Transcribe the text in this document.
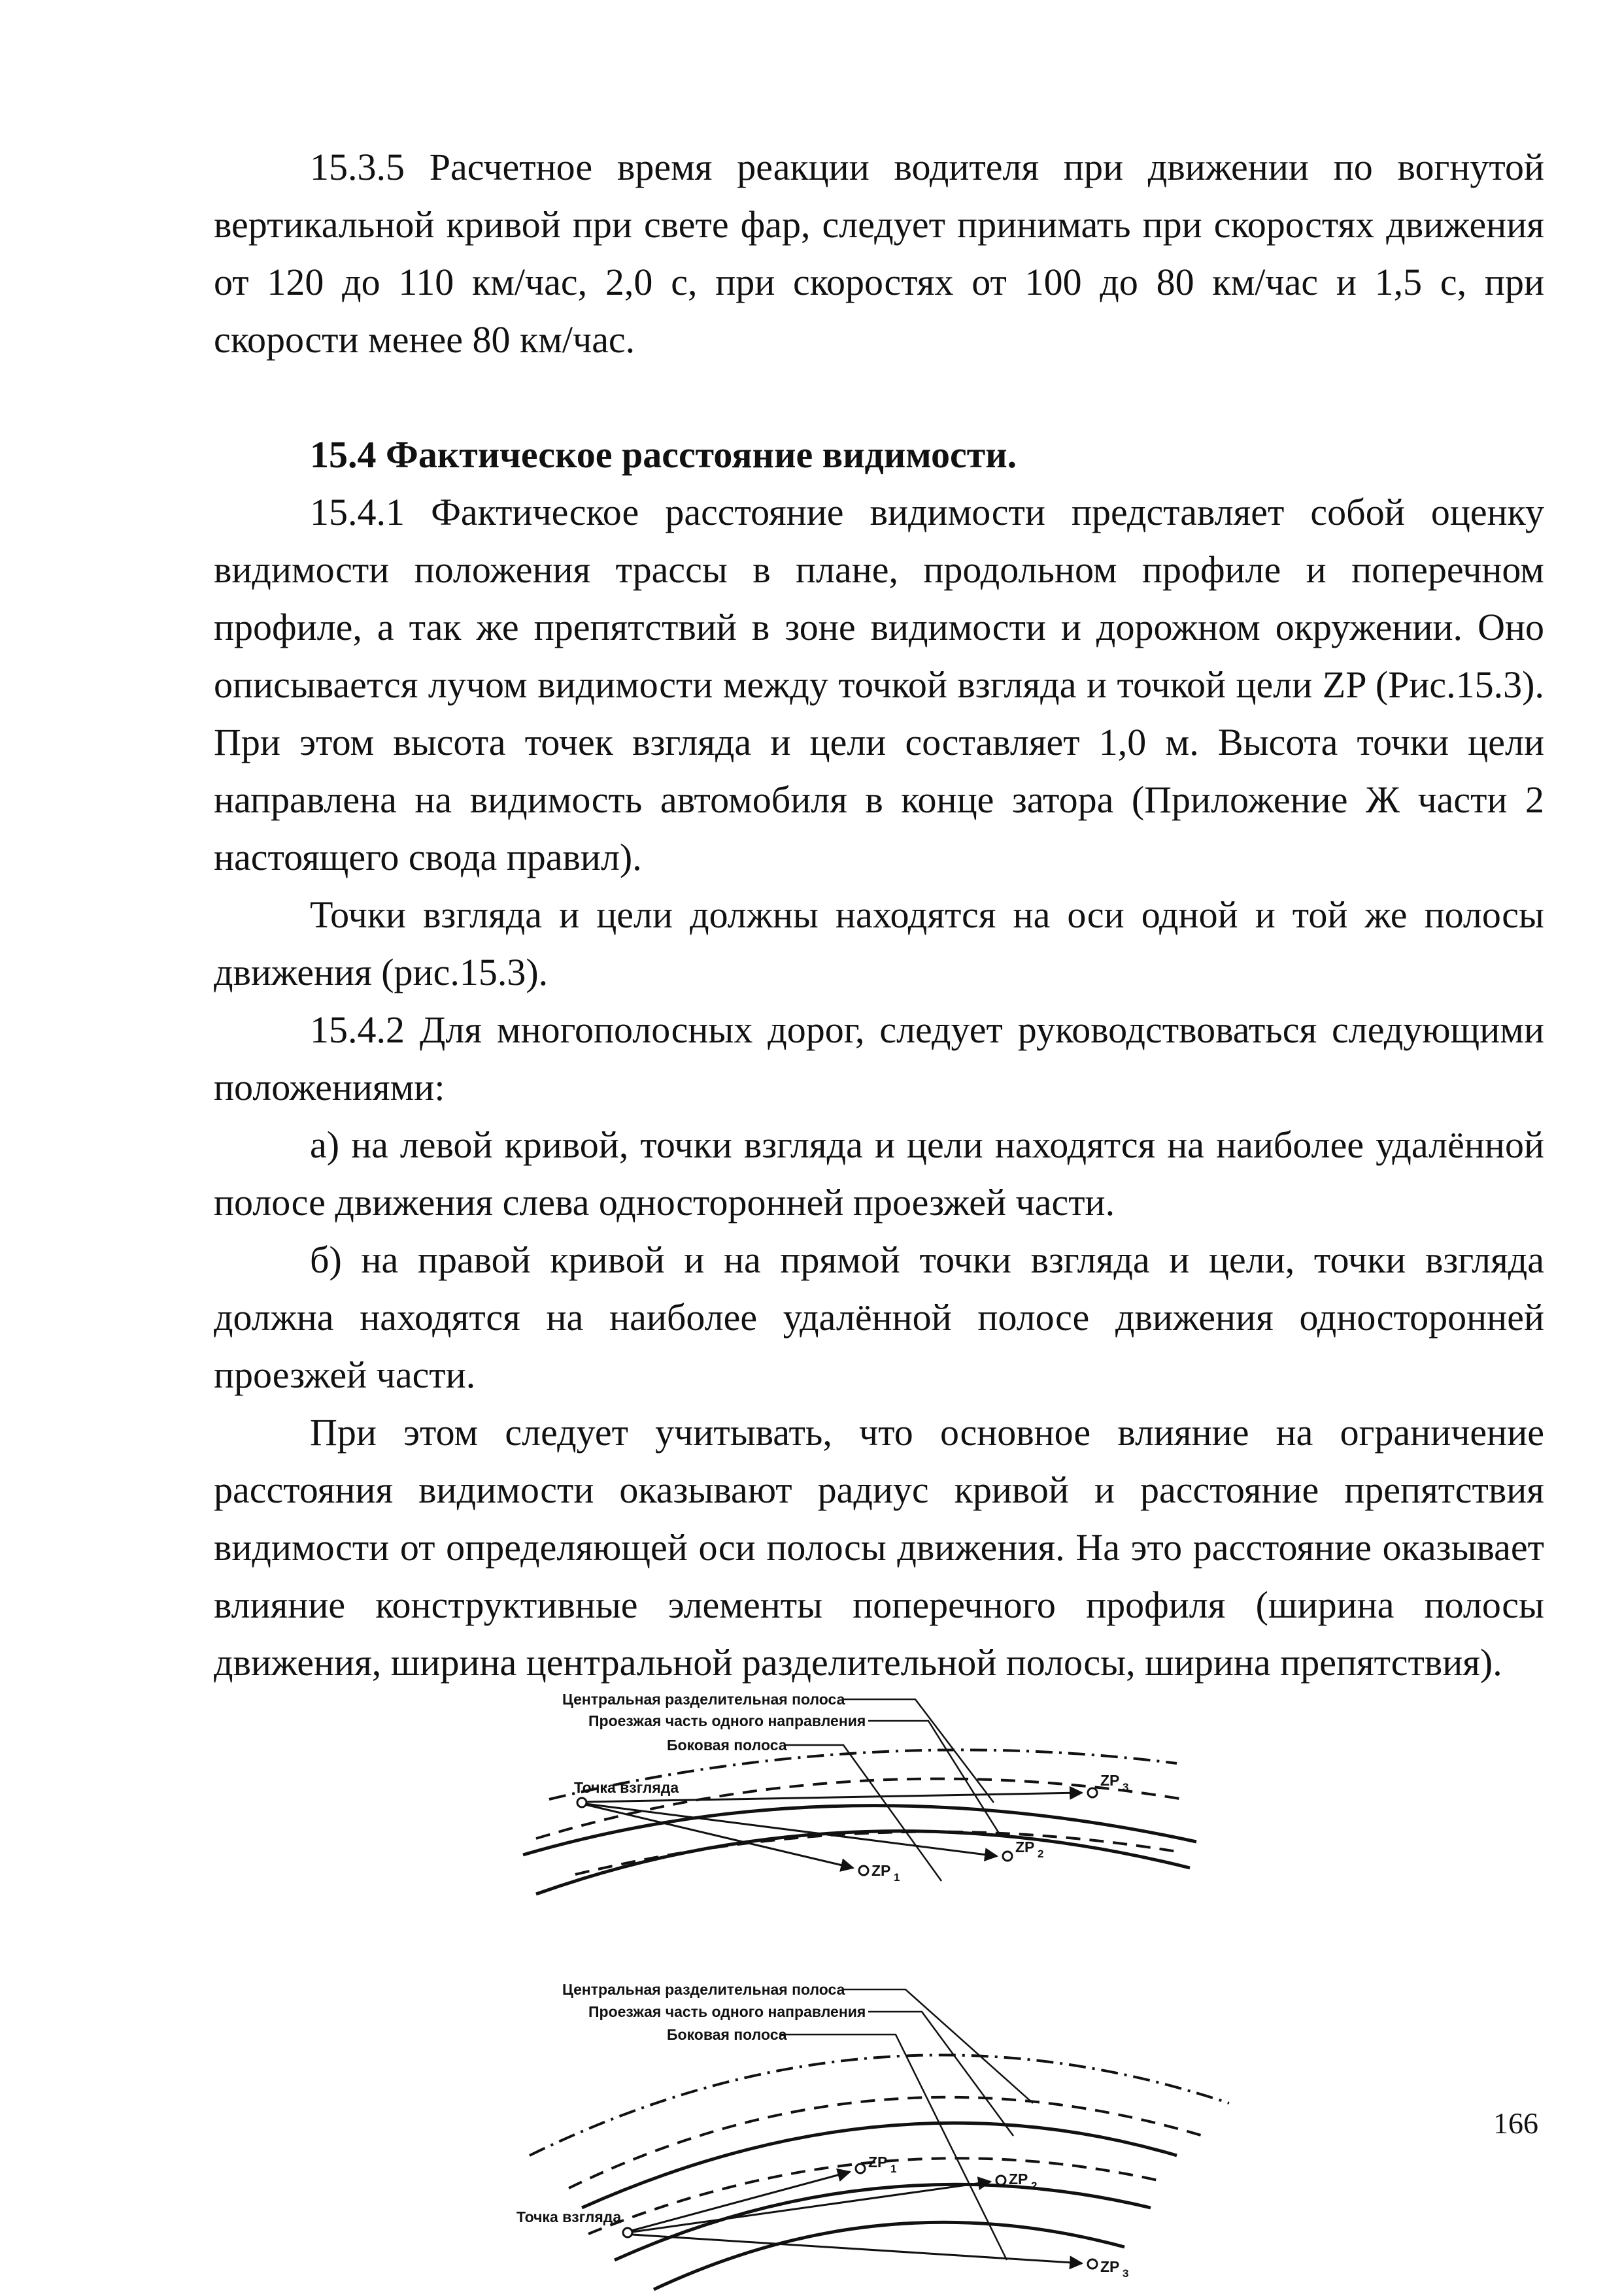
15.3.5 Расчетное время реакции водителя при движении по вогнутой вертикальной кривой при свете фар, следует принимать при скоростях движения от 120 до 110 км/час, 2,0 с, при скоростях от 100 до 80 км/час и 1,5 с, при скорости менее 80 км/час.

15.4 Фактическое расстояние видимости.

15.4.1 Фактическое расстояние видимости представляет собой оценку видимости положения трассы в плане, продольном профиле и поперечном профиле, а так же препятствий в зоне видимости и дорожном окружении. Оно описывается лучом видимости между точкой взгляда и точкой цели ZP (Рис.15.3). При этом высота точек взгляда и цели составляет 1,0 м. Высота точки цели направлена на видимость автомобиля в конце затора (Приложение Ж части 2 настоящего свода правил).

Точки взгляда и цели должны находятся на оси одной и той же полосы движения (рис.15.3).

15.4.2 Для многополосных дорог, следует руководствоваться следующими положениями:

а) на левой кривой, точки взгляда и цели находятся на наиболее удалённой полосе движения слева односторонней проезжей части.

б) на правой кривой и на прямой точки взгляда и цели, точки взгляда должна находятся на наиболее удалённой полосе движения односторонней проезжей части.

При этом следует учитывать, что основное влияние на ограничение расстояния видимости оказывают радиус кривой и расстояние препятствия видимости от определяющей оси полосы движения. На это расстояние оказывает влияние конструктивные элементы поперечного профиля (ширина полосы движения, ширина центральной разделительной полосы, ширина препятствия).

Центральная разделительная полоса
Проезжая часть одного направления
Боковая полоса
Точка взгляда
ZP 1
ZP 2
ZP 3
Центральная разделительная полоса
Проезжая часть одного направления
Боковая полоса
Точка взгляда
ZP 1
ZP 2
ZP 3
166
